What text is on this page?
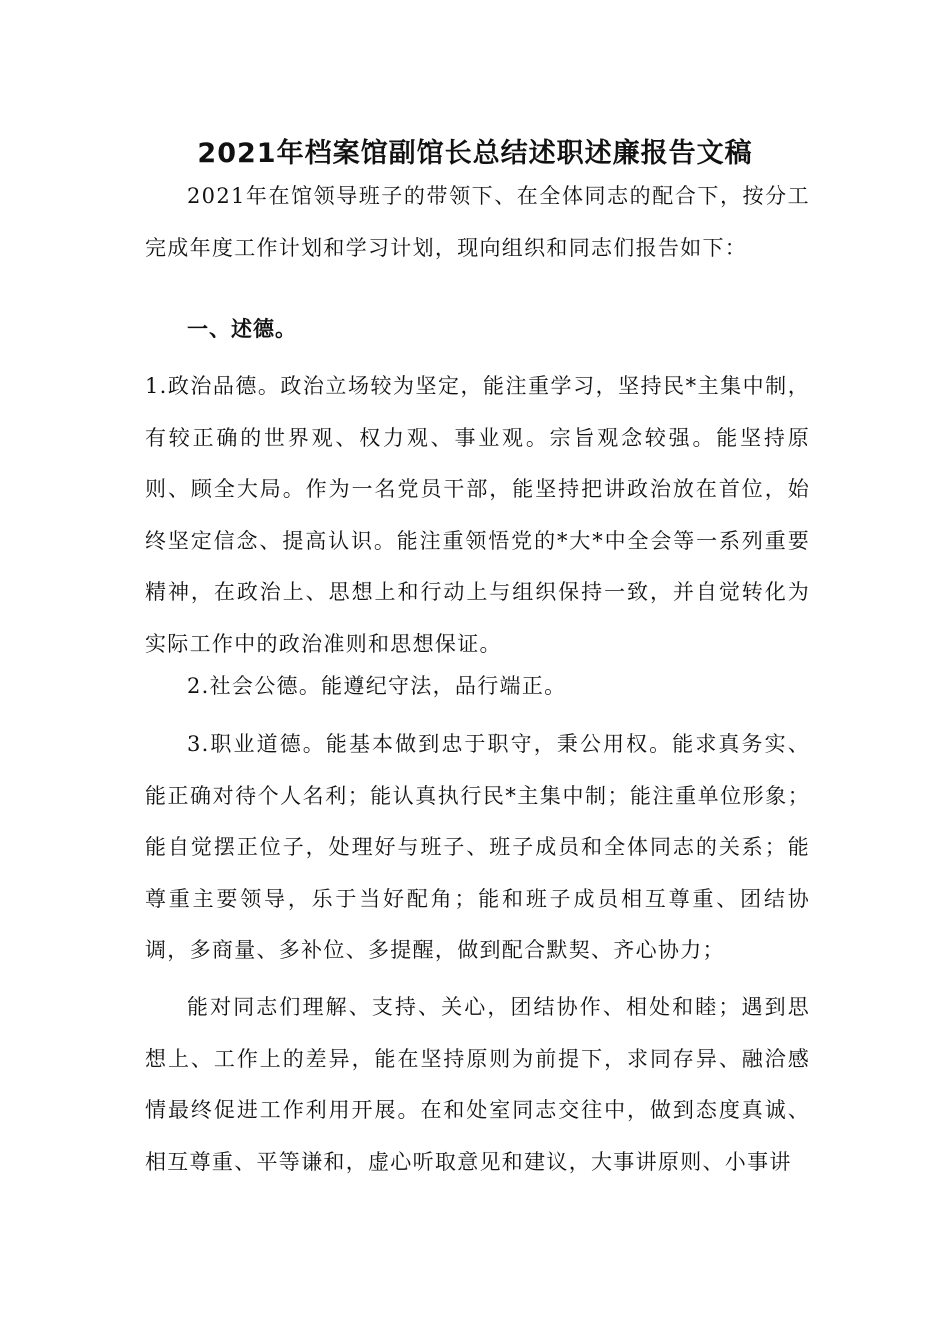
2021年档案馆副馆长总结述职述廉报告文稿

2021年在馆领导班子的带领下、在全体同志的配合下，按分工完成年度工作计划和学习计划，现向组织和同志们报告如下：

一、述德。

1.政治品德。政治立场较为坚定，能注重学习，坚持民*主集中制，有较正确的世界观、权力观、事业观。宗旨观念较强。能坚持原则、顾全大局。作为一名党员干部，能坚持把讲政治放在首位，始终坚定信念、提高认识。能注重领悟党的*大*中全会等一系列重要精神，在政治上、思想上和行动上与组织保持一致，并自觉转化为实际工作中的政治准则和思想保证。

2.社会公德。能遵纪守法，品行端正。

3.职业道德。能基本做到忠于职守，秉公用权。能求真务实、能正确对待个人名利；能认真执行民*主集中制；能注重单位形象；能自觉摆正位子，处理好与班子、班子成员和全体同志的关系；能尊重主要领导，乐于当好配角；能和班子成员相互尊重、团结协调，多商量、多补位、多提醒，做到配合默契、齐心协力；

能对同志们理解、支持、关心，团结协作、相处和睦；遇到思想上、工作上的差异，能在坚持原则为前提下，求同存异、融洽感情最终促进工作利用开展。在和处室同志交往中，做到态度真诚、相互尊重、平等谦和，虚心听取意见和建议，大事讲原则、小事讲
